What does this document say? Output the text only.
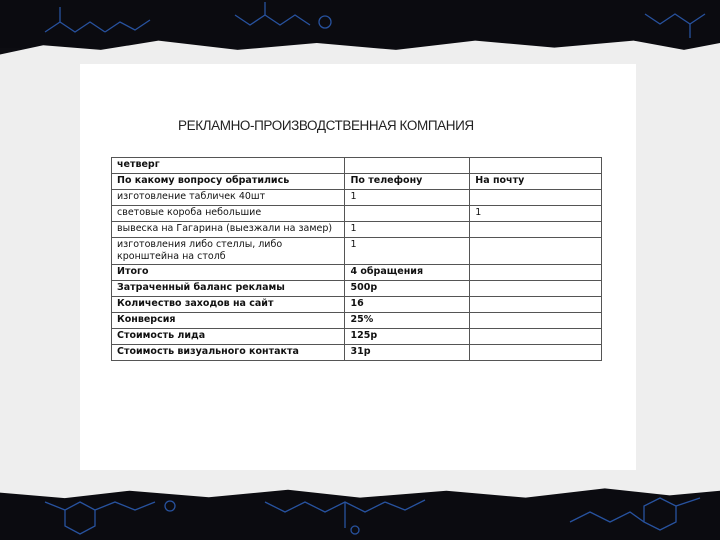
РЕКЛАМНО-ПРОИЗВОДСТВЕННАЯ КОМПАНИЯ
четверг		
По какому вопросу обратились	По телефону	На почту
изготовление табличек 40шт	1	
световые короба небольшие		1
вывеска на Гагарина (выезжали на замер)	1	
изготовления либо стеллы, либо кронштейна на столб	1	
Итого	4 обращения	
Затраченный баланс рекламы	500р	
Количество заходов на сайт	16	
Конверсия	25%	
Стоимость лида	125р	
Стоимость визуального контакта	31р	
